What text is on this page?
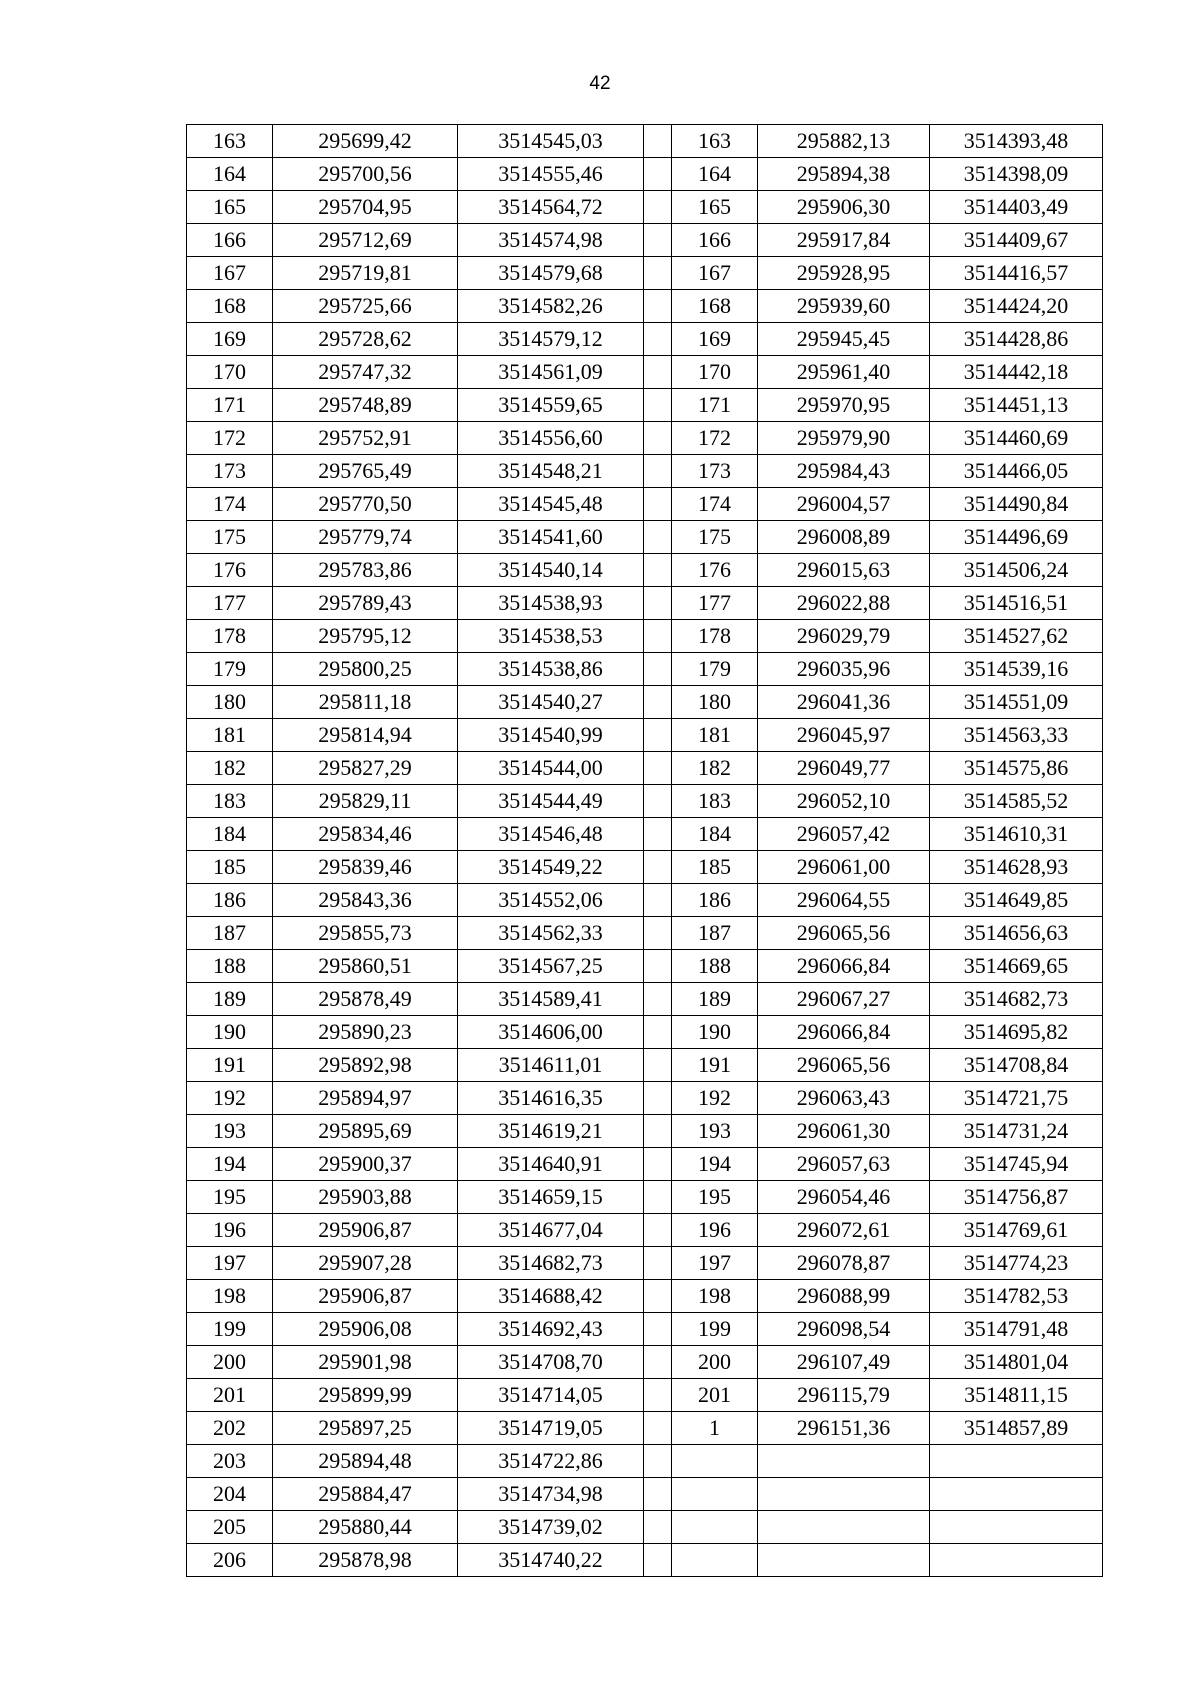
42
163	295699,42	3514545,03		163	295882,13	3514393,48
164	295700,56	3514555,46		164	295894,38	3514398,09
165	295704,95	3514564,72		165	295906,30	3514403,49
166	295712,69	3514574,98		166	295917,84	3514409,67
167	295719,81	3514579,68		167	295928,95	3514416,57
168	295725,66	3514582,26		168	295939,60	3514424,20
169	295728,62	3514579,12		169	295945,45	3514428,86
170	295747,32	3514561,09		170	295961,40	3514442,18
171	295748,89	3514559,65		171	295970,95	3514451,13
172	295752,91	3514556,60		172	295979,90	3514460,69
173	295765,49	3514548,21		173	295984,43	3514466,05
174	295770,50	3514545,48		174	296004,57	3514490,84
175	295779,74	3514541,60		175	296008,89	3514496,69
176	295783,86	3514540,14		176	296015,63	3514506,24
177	295789,43	3514538,93		177	296022,88	3514516,51
178	295795,12	3514538,53		178	296029,79	3514527,62
179	295800,25	3514538,86		179	296035,96	3514539,16
180	295811,18	3514540,27		180	296041,36	3514551,09
181	295814,94	3514540,99		181	296045,97	3514563,33
182	295827,29	3514544,00		182	296049,77	3514575,86
183	295829,11	3514544,49		183	296052,10	3514585,52
184	295834,46	3514546,48		184	296057,42	3514610,31
185	295839,46	3514549,22		185	296061,00	3514628,93
186	295843,36	3514552,06		186	296064,55	3514649,85
187	295855,73	3514562,33		187	296065,56	3514656,63
188	295860,51	3514567,25		188	296066,84	3514669,65
189	295878,49	3514589,41		189	296067,27	3514682,73
190	295890,23	3514606,00		190	296066,84	3514695,82
191	295892,98	3514611,01		191	296065,56	3514708,84
192	295894,97	3514616,35		192	296063,43	3514721,75
193	295895,69	3514619,21		193	296061,30	3514731,24
194	295900,37	3514640,91		194	296057,63	3514745,94
195	295903,88	3514659,15		195	296054,46	3514756,87
196	295906,87	3514677,04		196	296072,61	3514769,61
197	295907,28	3514682,73		197	296078,87	3514774,23
198	295906,87	3514688,42		198	296088,99	3514782,53
199	295906,08	3514692,43		199	296098,54	3514791,48
200	295901,98	3514708,70		200	296107,49	3514801,04
201	295899,99	3514714,05		201	296115,79	3514811,15
202	295897,25	3514719,05		1	296151,36	3514857,89
203	295894,48	3514722,86				
204	295884,47	3514734,98				
205	295880,44	3514739,02				
206	295878,98	3514740,22				
